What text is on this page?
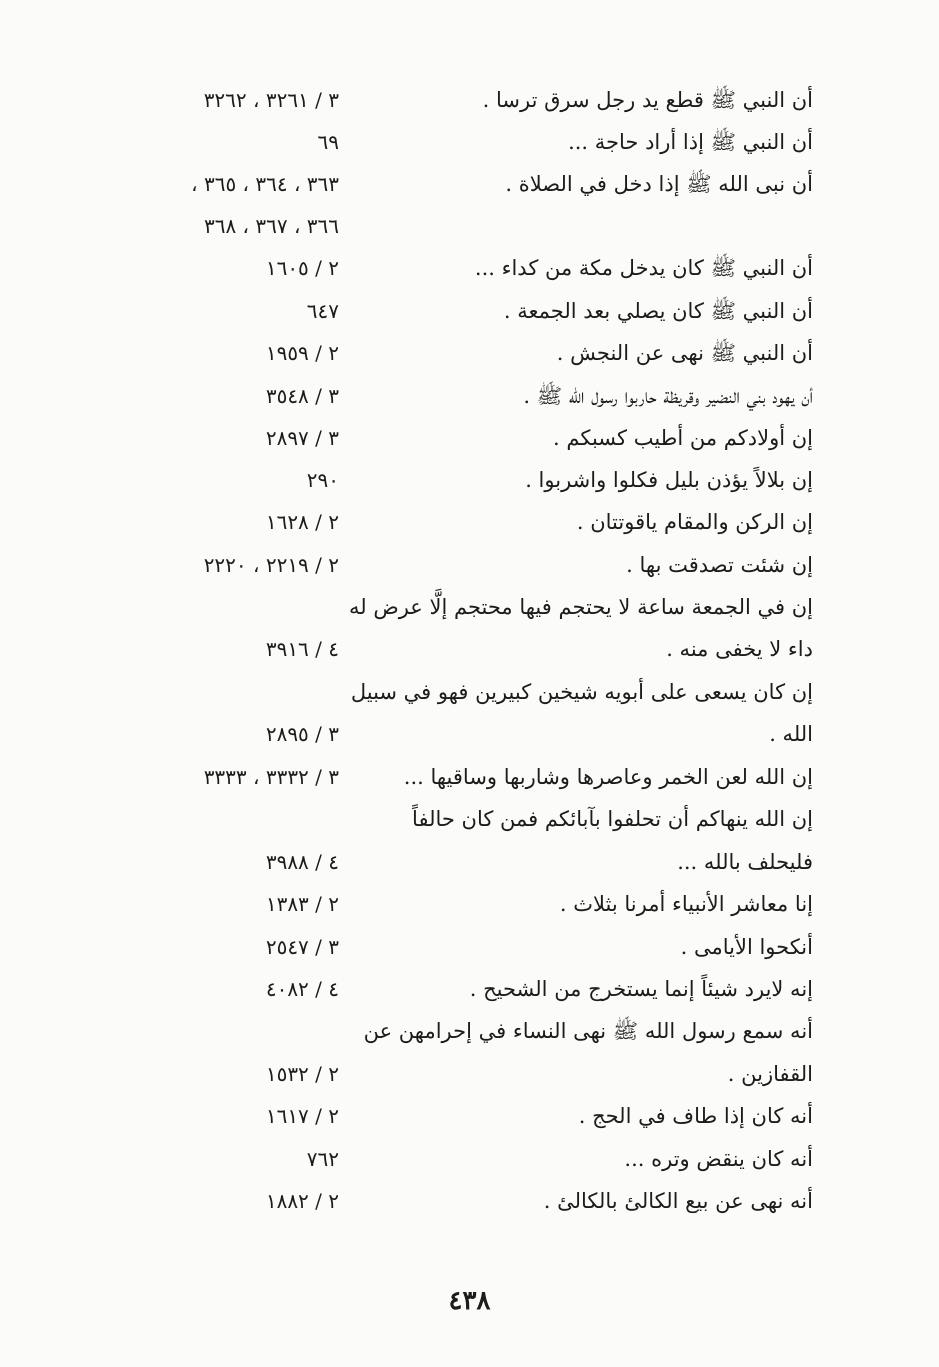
أن النبي ﷺ قطع يد رجل سرق ترسا .
٣ / ٣٢٦١ ، ٣٢٦٢
أن النبي ﷺ إذا أراد حاجة ...
٦٩
أن نبى الله ﷺ إذا دخل في الصلاة .
٣٦٣ ، ٣٦٤ ، ٣٦٥ ،
٣٦٦ ، ٣٦٧ ، ٣٦٨
أن النبي ﷺ كان يدخل مكة من كداء ...
٢ / ١٦٠٥
أن النبي ﷺ كان يصلي بعد الجمعة .
٦٤٧
أن النبي ﷺ نهى عن النجش .
٢ / ١٩٥٩
أن يهود بني النضير وقريظة حاربوا رسول الله ﷺ .
٣ / ٣٥٤٨
إن أولادكم من أطيب كسبكم .
٣ / ٢٨٩٧
إن بلالاً يؤذن بليل فكلوا واشربوا .
٢٩٠
إن الركن والمقام ياقوتتان .
٢ / ١٦٢٨
إن شئت تصدقت بها .
٢ / ٢٢١٩ ، ٢٢٢٠
إن في الجمعة ساعة لا يحتجم فيها محتجم إلَّا عرض له
داء لا يخفى منه .
٤ / ٣٩١٦
إن كان يسعى على أبويه شيخين كبيرين فهو في سبيل
الله .
٣ / ٢٨٩٥
إن الله لعن الخمر وعاصرها وشاربها وساقيها ...
٣ / ٣٣٣٢ ، ٣٣٣٣
إن الله ينهاكم أن تحلفوا بآبائكم فمن كان حالفاً
فليحلف بالله ...
٤ / ٣٩٨٨
إنا معاشر الأنبياء أمرنا بثلاث .
٢ / ١٣٨٣
أنكحوا الأيامى .
٣ / ٢٥٤٧
إنه لايرد شيئاً إنما يستخرج من الشحيح .
٤ / ٤٠٨٢
أنه سمع رسول الله ﷺ نهى النساء في إحرامهن عن
القفازين .
٢ / ١٥٣٢
أنه كان إذا طاف في الحج .
٢ / ١٦١٧
أنه كان ينقض وتره ...
٧٦٢
أنه نهى عن بيع الكالئ بالكالئ .
٢ / ١٨٨٢
٤٣٨
